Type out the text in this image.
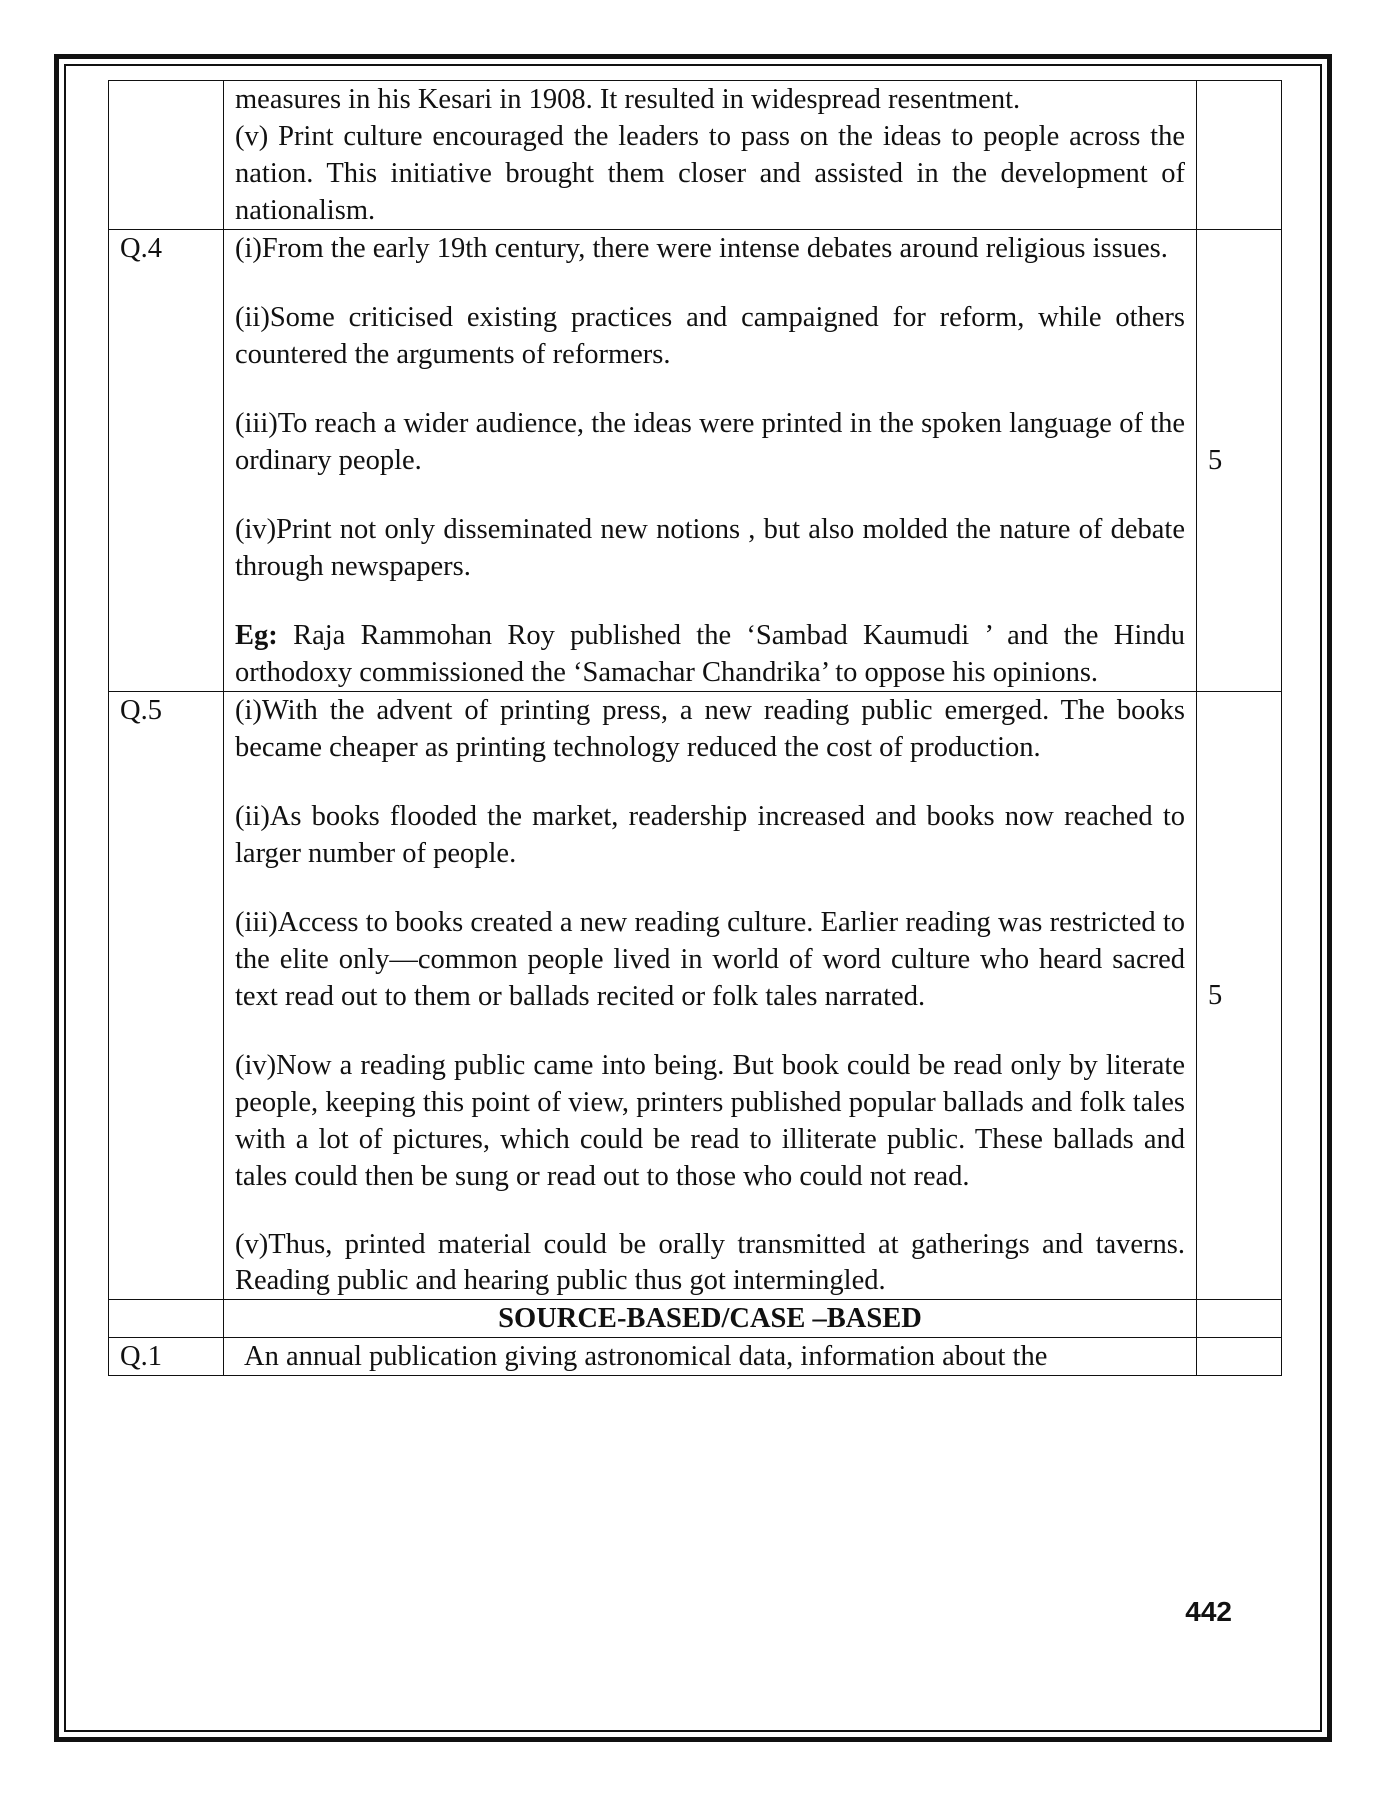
	measures in his Kesari in 1908. It resulted in widespread resentment.

(v) Print culture encouraged the leaders to pass on the ideas to people across the nation. This initiative brought them closer and assisted in the development of nationalism.	

Q.4	(i)From the early 19th century, there were intense debates around religious issues.

(ii)Some criticised existing practices and campaigned for reform, while others countered the arguments of reformers.

(iii)To reach a wider audience, the ideas were printed in the spoken language of the ordinary people.

(iv)Print not only disseminated new notions , but also molded the nature of debate through newspapers.

Eg: Raja Rammohan Roy published the ‘Sambad Kaumudi ’ and the Hindu orthodoxy commissioned the ‘Samachar Chandrika’ to oppose his opinions.	5
Q.5	(i)With the advent of printing press, a new reading public emerged. The books became cheaper as printing technology reduced the cost of production.

(ii)As books flooded the market, readership increased and books now reached to larger number of people.

(iii)Access to books created a new reading culture. Earlier reading was restricted to the elite only—common people lived in world of word culture who heard sacred text read out to them or ballads recited or folk tales narrated.

(iv)Now a reading public came into being. But book could be read only by literate people, keeping this point of view, printers published popular ballads and folk tales with a lot of pictures, which could be read to illiterate public. These ballads and tales could then be sung or read out to those who could not read.

(v)Thus, printed material could be orally transmitted at gatherings and taverns. Reading public and hearing public thus got intermingled.	5
	SOURCE-BASED/CASE –BASED	
Q.1	An annual publication giving astronomical data, information about the	
442
